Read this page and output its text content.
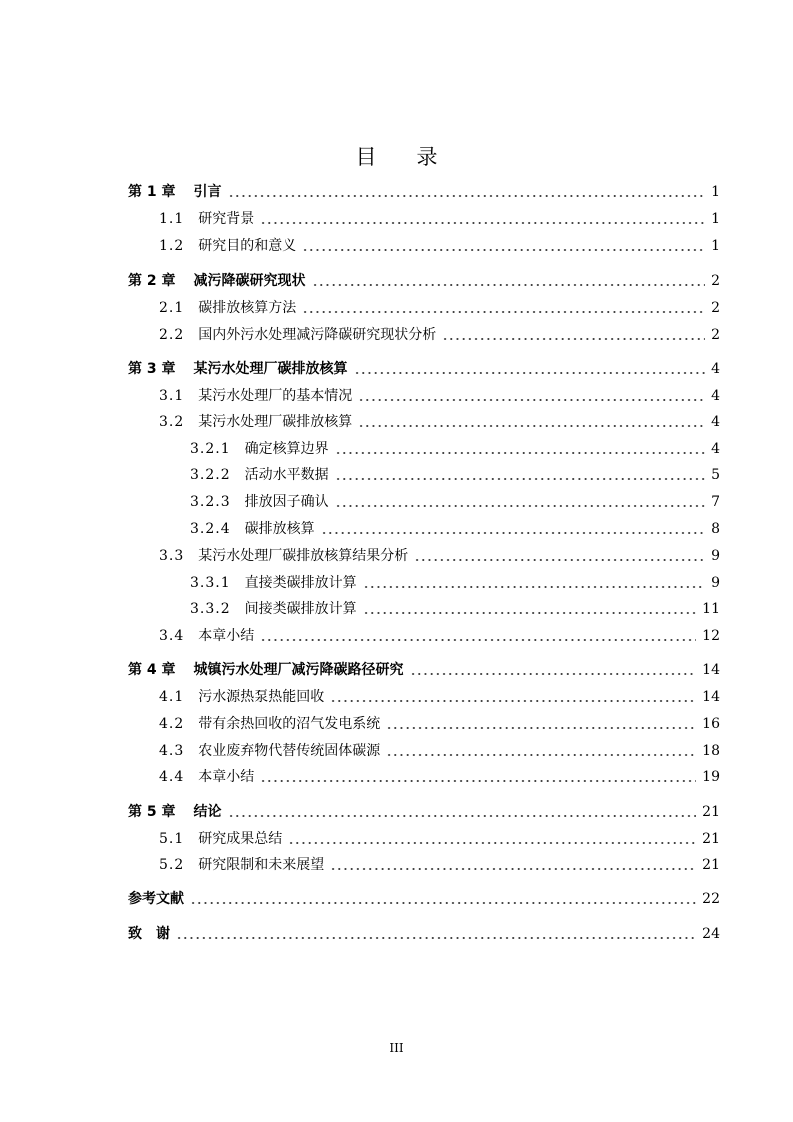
目 录
第 1 章 引言	1
1.1 研究背景	1
1.2 研究目的和意义	1
第 2 章 减污降碳研究现状	2
2.1 碳排放核算方法	2
2.2 国内外污水处理减污降碳研究现状分析	2
第 3 章 某污水处理厂碳排放核算	4
3.1 某污水处理厂的基本情况	4
3.2 某污水处理厂碳排放核算	4
3.2.1 确定核算边界	4
3.2.2 活动水平数据	5
3.2.3 排放因子确认	7
3.2.4 碳排放核算	8
3.3 某污水处理厂碳排放核算结果分析	9
3.3.1 直接类碳排放计算	9
3.3.2 间接类碳排放计算	11
3.4 本章小结	12
第 4 章 城镇污水处理厂减污降碳路径研究	14
4.1 污水源热泵热能回收	14
4.2 带有余热回收的沼气发电系统	16
4.3 农业废弃物代替传统固体碳源	18
4.4 本章小结	19
第 5 章 结论	21
5.1 研究成果总结	21
5.2 研究限制和未来展望	21
参考文献	22
致　谢	24
III
